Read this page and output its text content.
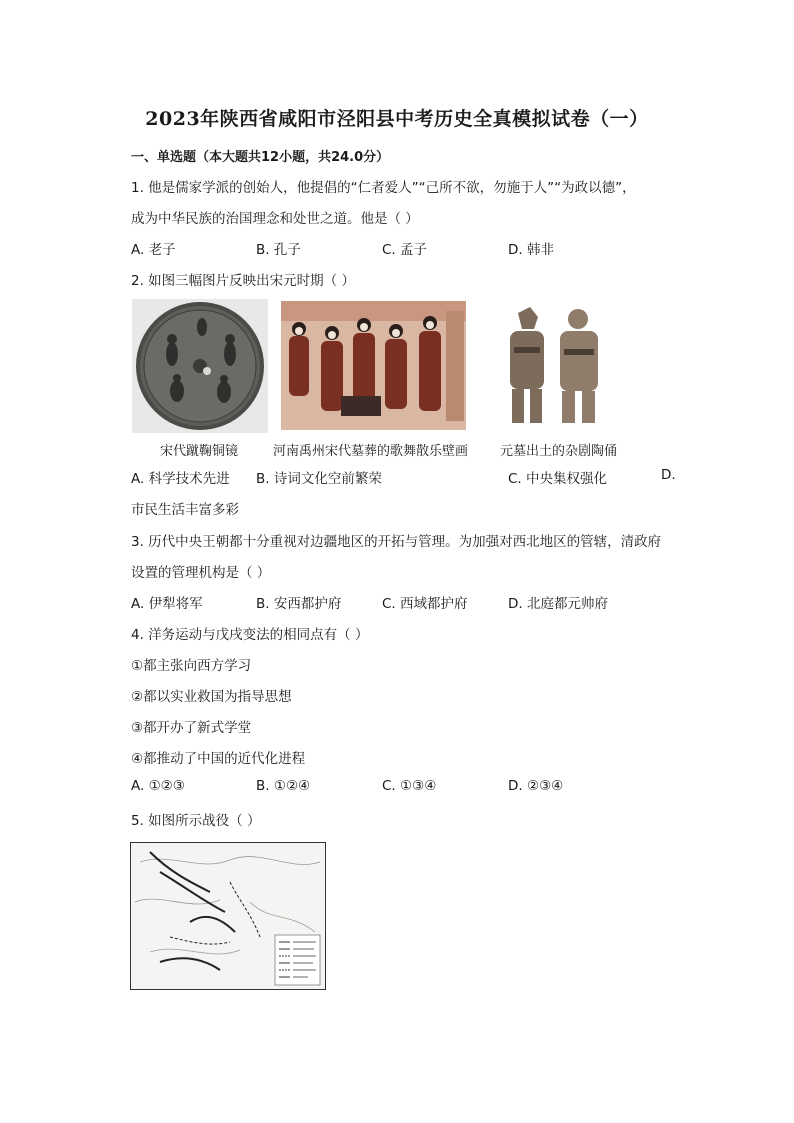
2023年陕西省咸阳市泾阳县中考历史全真模拟试卷（一）
一、单选题（本大题共12小题，共24.0分）
1. 他是儒家学派的创始人，他提倡的“仁者爱人”“己所不欲，勿施于人”“为政以德”，
成为中华民族的治国理念和处世之道。他是（ ）
A. 老子	B. 孔子	C. 孟子	D. 韩非
2. 如图三幅图片反映出宋元时期（ ）
宋代蹴鞠铜镜	河南禹州宋代墓葬的歌舞散乐壁画 元墓出土的杂剧陶俑
A. 科学技术先进 B. 诗词文化空前繁荣	C. 中央集权强化	D.
市民生活丰富多彩
3. 历代中央王朝都十分重视对边疆地区的开拓与管理。为加强对西北地区的管辖，清政府
设置的管理机构是（ ）
A. 伊犁将军	B. 安西都护府	C. 西域都护府	D. 北庭都元帅府
4. 洋务运动与戊戌变法的相同点有（ ）
①都主张向西方学习
②都以实业救国为指导思想
③都开办了新式学堂
④都推动了中国的近代化进程
A. ①②③	B. ①②④	C. ①③④	D. ②③④
5. 如图所示战役（ ）
